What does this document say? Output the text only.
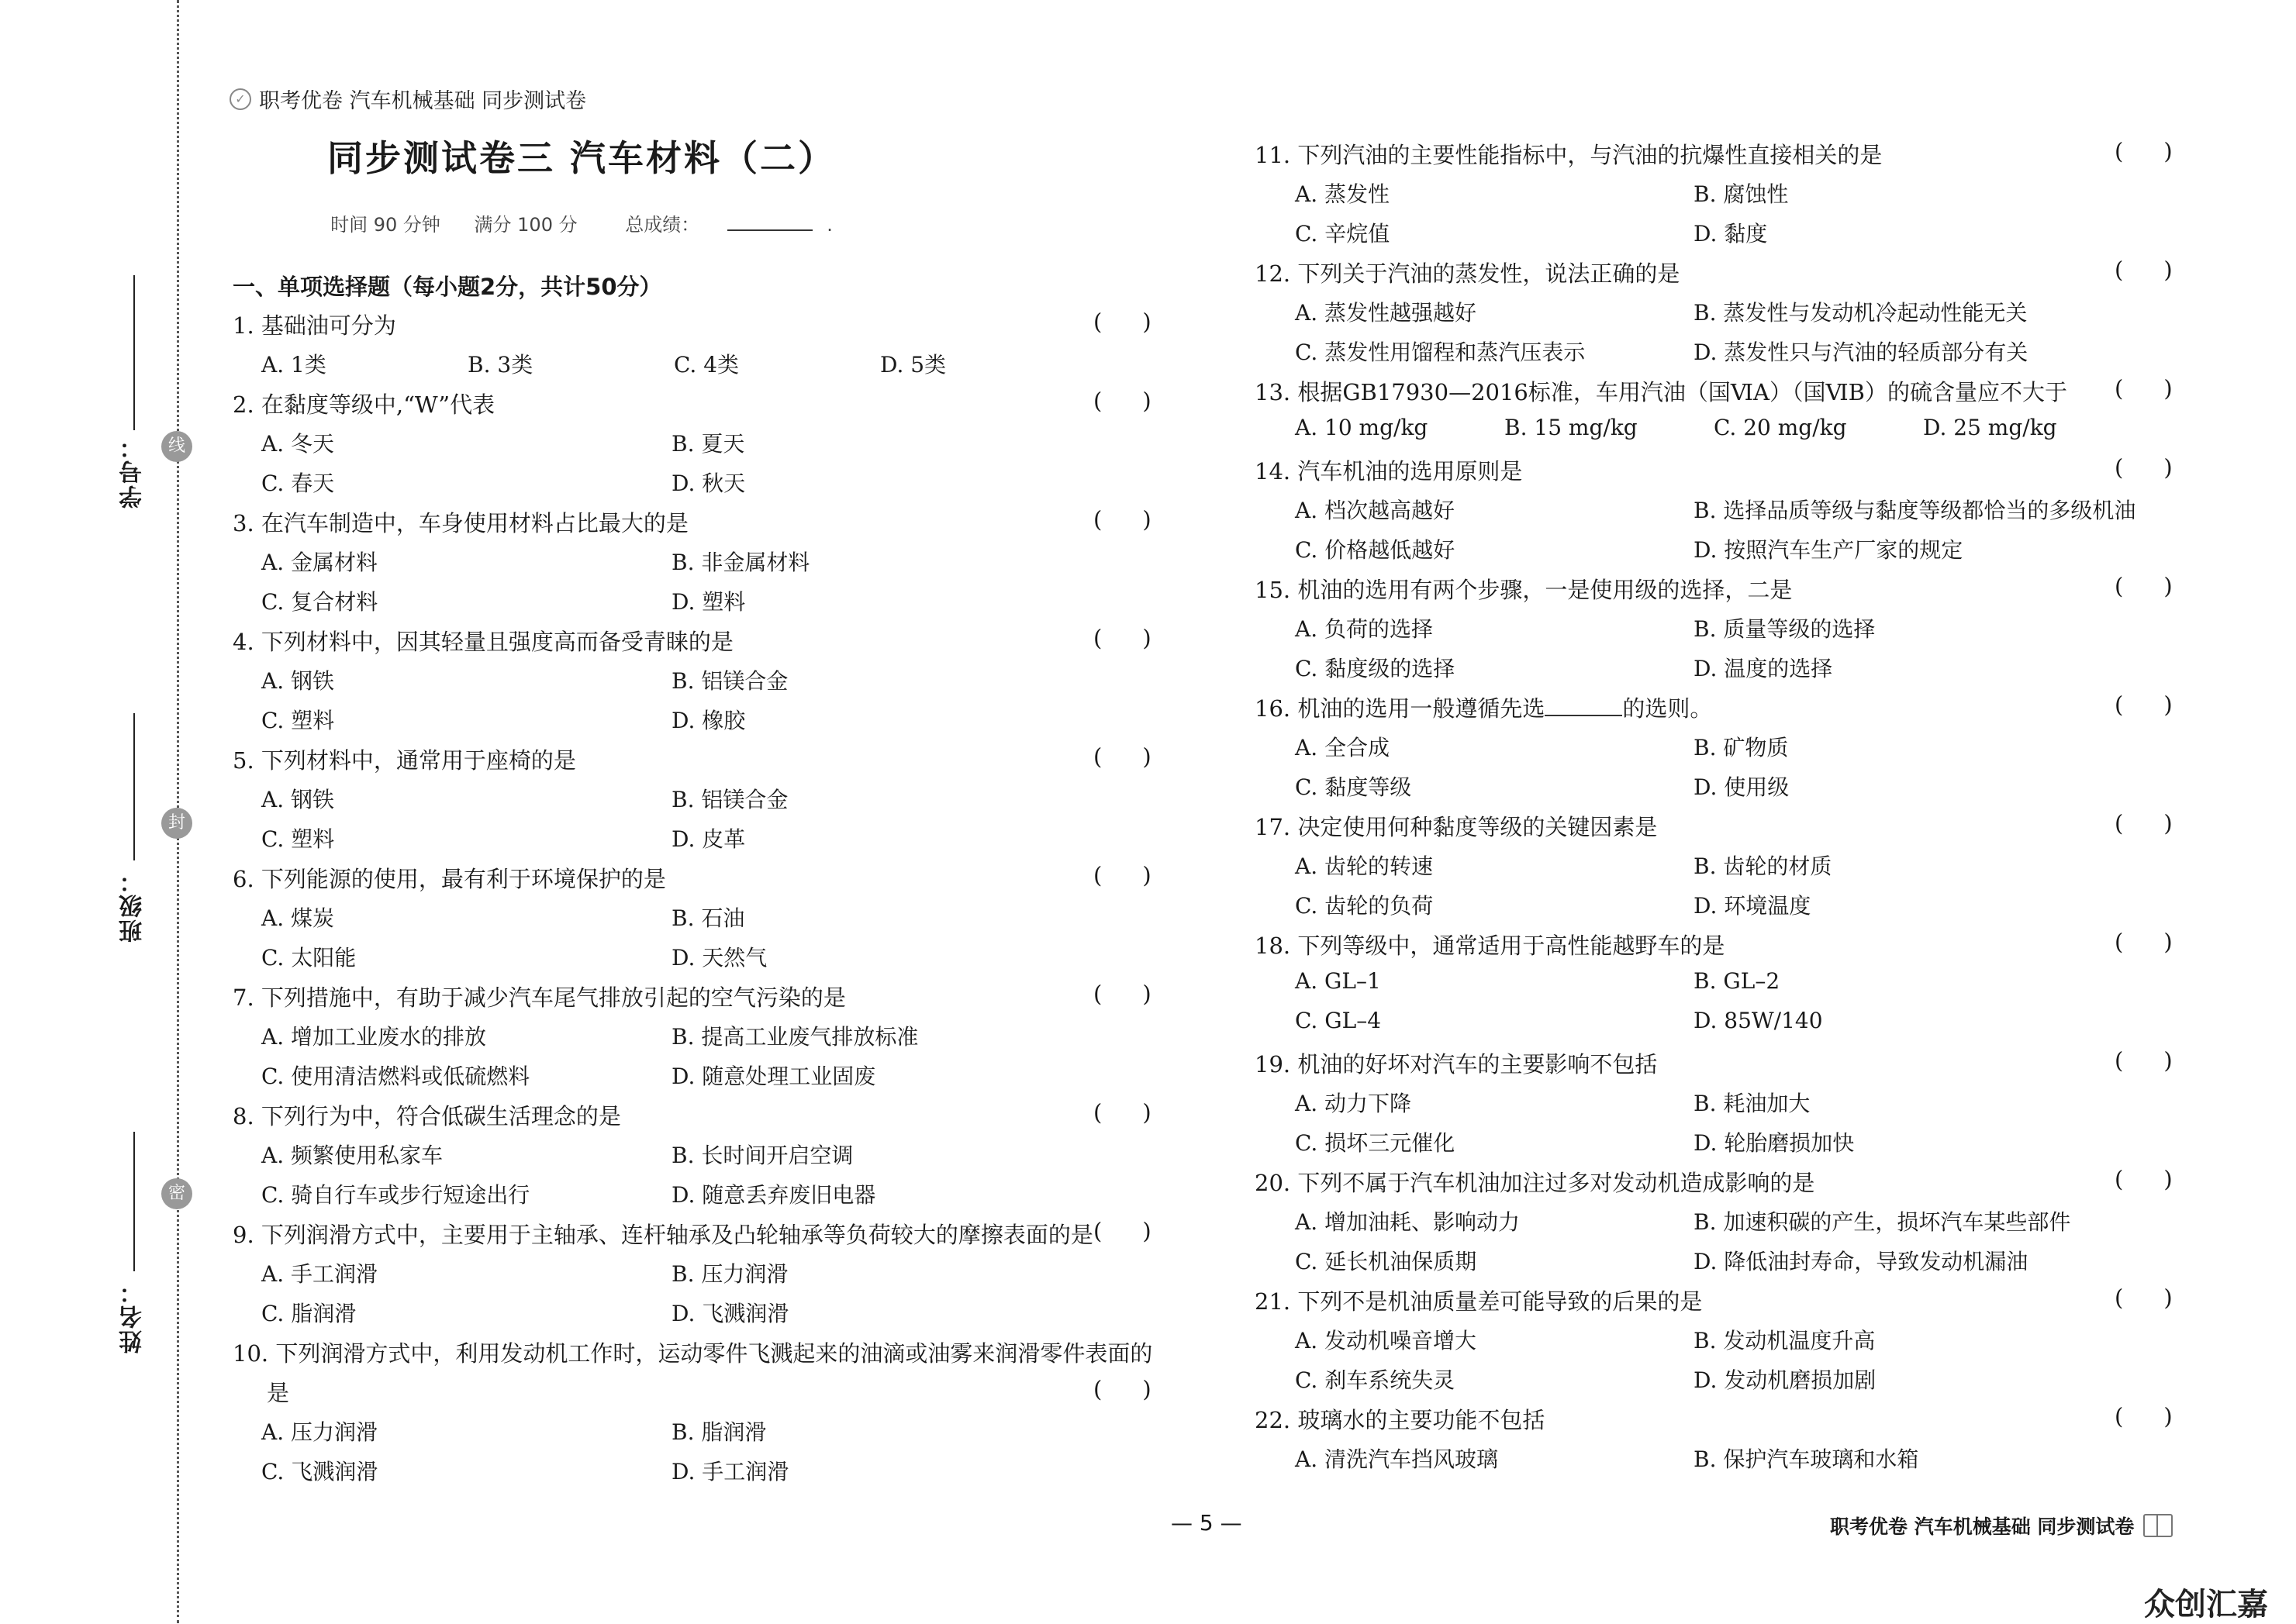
学号：	线
班级：
封
姓名：
密
✓ 职考优卷 汽车机械基础 同步测试卷
同步测试卷三 汽车材料（二）
时间 90 分钟 满分 100 分	总成绩：	.
一、单项选择题（每小题2分，共计50分）
— 5 —	职考优卷 汽车机械基础 同步测试卷
众创汇嘉
1. 基础油可分为	()
A. 1类	B. 3类	C. 4类	D. 5类
2. 在黏度等级中,“W”代表	()
A. 冬天	B. 夏天
C. 春天	D. 秋天
3. 在汽车制造中，车身使用材料占比最大的是	()
A. 金属材料	B. 非金属材料
C. 复合材料	D. 塑料
4. 下列材料中，因其轻量且强度高而备受青睐的是	()
A. 钢铁	B. 铝镁合金
C. 塑料	D. 橡胶
5. 下列材料中，通常用于座椅的是	()
A. 钢铁	B. 铝镁合金
C. 塑料	D. 皮革
6. 下列能源的使用，最有利于环境保护的是	()
A. 煤炭	B. 石油
C. 太阳能	D. 天然气
7. 下列措施中，有助于减少汽车尾气排放引起的空气污染的是	()
A. 增加工业废水的排放	B. 提高工业废气排放标准
C. 使用清洁燃料或低硫燃料	D. 随意处理工业固废
8. 下列行为中，符合低碳生活理念的是	()
A. 频繁使用私家车	B. 长时间开启空调
C. 骑自行车或步行短途出行	D. 随意丢弃废旧电器
9. 下列润滑方式中，主要用于主轴承、连杆轴承及凸轮轴承等负荷较大的摩擦表面的是 ()
A. 手工润滑	B. 压力润滑
C. 脂润滑	D. 飞溅润滑
10. 下列润滑方式中，利用发动机工作时，运动零件飞溅起来的油滴或油雾来润滑零件表面的
是	()
A. 压力润滑	B. 脂润滑
C. 飞溅润滑	D. 手工润滑
11. 下列汽油的主要性能指标中，与汽油的抗爆性直接相关的是	()
A. 蒸发性	B. 腐蚀性
C. 辛烷值	D. 黏度
12. 下列关于汽油的蒸发性，说法正确的是	()
A. 蒸发性越强越好	B. 蒸发性与发动机冷起动性能无关
C. 蒸发性用馏程和蒸汽压表示	D. 蒸发性只与汽油的轻质部分有关
13. 根据GB17930—2016标准，车用汽油（国ⅥA）（国ⅥB）的硫含量应不大于 ()
A. 10 mg/kg	B. 15 mg/kg	C. 20 mg/kg	D. 25 mg/kg
14. 汽车机油的选用原则是	()
A. 档次越高越好	B. 选择品质等级与黏度等级都恰当的多级机油
C. 价格越低越好	D. 按照汽车生产厂家的规定
15. 机油的选用有两个步骤，一是使用级的选择，二是	()
A. 负荷的选择	B. 质量等级的选择
C. 黏度级的选择	D. 温度的选择
16. 机油的选用一般遵循先选	的选则。	()
A. 全合成	B. 矿物质
C. 黏度等级	D. 使用级
17. 决定使用何种黏度等级的关键因素是	()
A. 齿轮的转速	B. 齿轮的材质
C. 齿轮的负荷	D. 环境温度
18. 下列等级中，通常适用于高性能越野车的是	()
A. GL–1	B. GL–2
C. GL–4	D. 85W/140
19. 机油的好坏对汽车的主要影响不包括	()
A. 动力下降	B. 耗油加大
C. 损坏三元催化	D. 轮胎磨损加快
20. 下列不属于汽车机油加注过多对发动机造成影响的是	()
A. 增加油耗、影响动力	B. 加速积碳的产生，损坏汽车某些部件
C. 延长机油保质期	D. 降低油封寿命，导致发动机漏油
21. 下列不是机油质量差可能导致的后果的是	()
A. 发动机噪音增大	B. 发动机温度升高
C. 刹车系统失灵	D. 发动机磨损加剧
22. 玻璃水的主要功能不包括	()
A. 清洗汽车挡风玻璃	B. 保护汽车玻璃和水箱
